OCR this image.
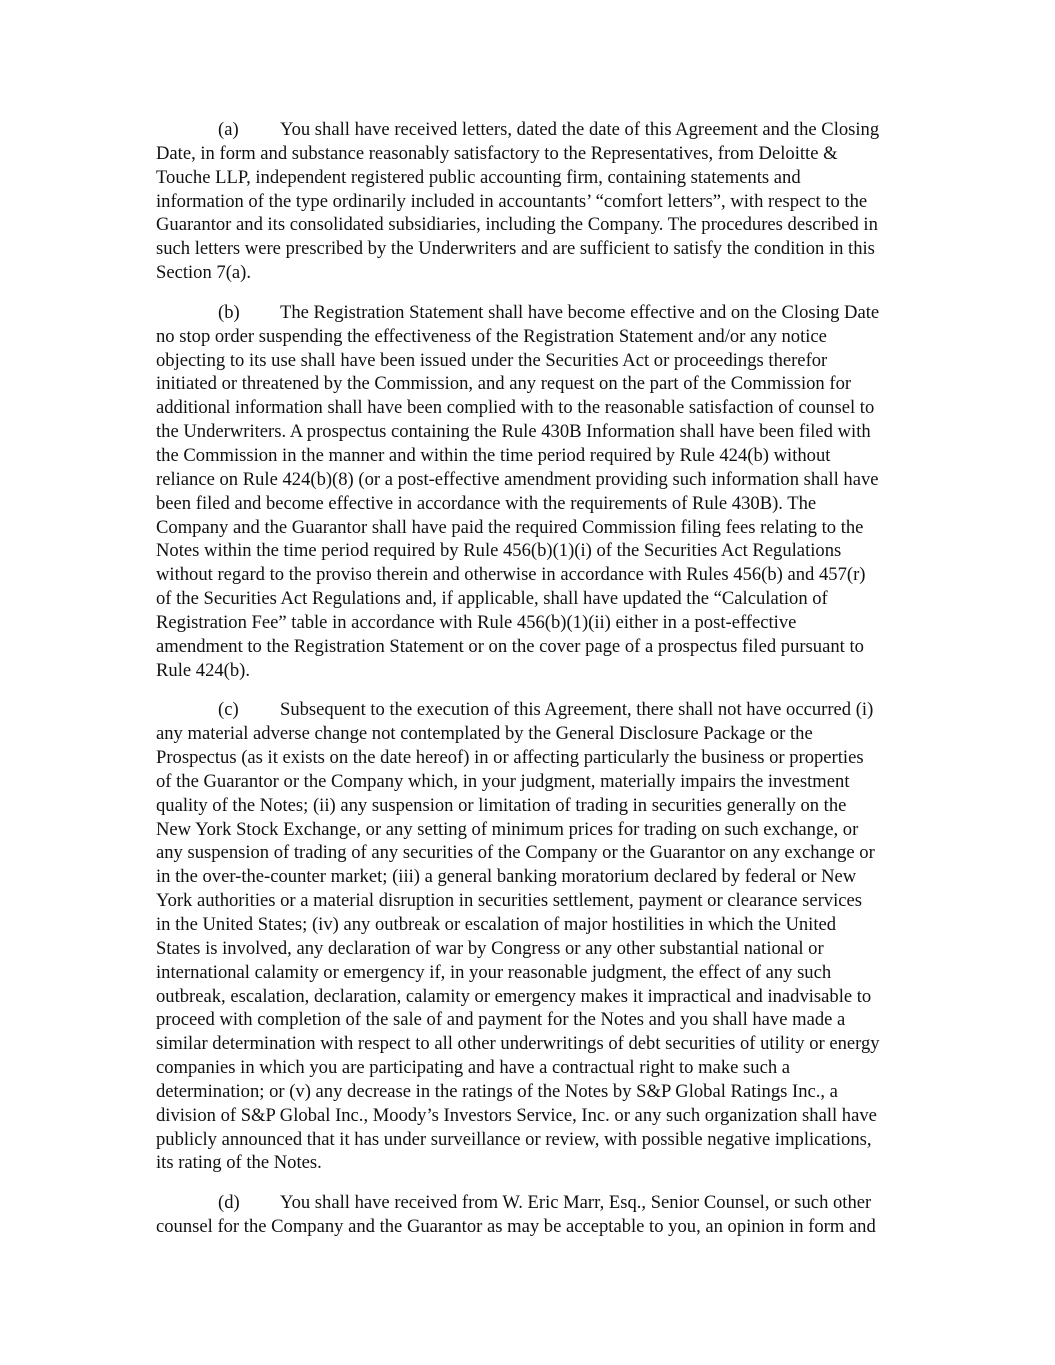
(a) You shall have received letters, dated the date of this Agreement and the Closing
Date, in form and substance reasonably satisfactory to the Representatives, from Deloitte &
Touche LLP, independent registered public accounting firm, containing statements and
information of the type ordinarily included in accountants’ “comfort letters”, with respect to the
Guarantor and its consolidated subsidiaries, including the Company. The procedures described in
such letters were prescribed by the Underwriters and are sufficient to satisfy the condition in this
Section 7(a).
(b) The Registration Statement shall have become effective and on the Closing Date
no stop order suspending the effectiveness of the Registration Statement and/or any notice
objecting to its use shall have been issued under the Securities Act or proceedings therefor
initiated or threatened by the Commission, and any request on the part of the Commission for
additional information shall have been complied with to the reasonable satisfaction of counsel to
the Underwriters. A prospectus containing the Rule 430B Information shall have been filed with
the Commission in the manner and within the time period required by Rule 424(b) without
reliance on Rule 424(b)(8) (or a post-effective amendment providing such information shall have
been filed and become effective in accordance with the requirements of Rule 430B). The
Company and the Guarantor shall have paid the required Commission filing fees relating to the
Notes within the time period required by Rule 456(b)(1)(i) of the Securities Act Regulations
without regard to the proviso therein and otherwise in accordance with Rules 456(b) and 457(r)
of the Securities Act Regulations and, if applicable, shall have updated the “Calculation of
Registration Fee” table in accordance with Rule 456(b)(1)(ii) either in a post-effective
amendment to the Registration Statement or on the cover page of a prospectus filed pursuant to
Rule 424(b).
(c) Subsequent to the execution of this Agreement, there shall not have occurred (i)
any material adverse change not contemplated by the General Disclosure Package or the
Prospectus (as it exists on the date hereof) in or affecting particularly the business or properties
of the Guarantor or the Company which, in your judgment, materially impairs the investment
quality of the Notes; (ii) any suspension or limitation of trading in securities generally on the
New York Stock Exchange, or any setting of minimum prices for trading on such exchange, or
any suspension of trading of any securities of the Company or the Guarantor on any exchange or
in the over-the-counter market; (iii) a general banking moratorium declared by federal or New
York authorities or a material disruption in securities settlement, payment or clearance services
in the United States; (iv) any outbreak or escalation of major hostilities in which the United
States is involved, any declaration of war by Congress or any other substantial national or
international calamity or emergency if, in your reasonable judgment, the effect of any such
outbreak, escalation, declaration, calamity or emergency makes it impractical and inadvisable to
proceed with completion of the sale of and payment for the Notes and you shall have made a
similar determination with respect to all other underwritings of debt securities of utility or energy
companies in which you are participating and have a contractual right to make such a
determination; or (v) any decrease in the ratings of the Notes by S&P Global Ratings Inc., a
division of S&P Global Inc., Moody’s Investors Service, Inc. or any such organization shall have
publicly announced that it has under surveillance or review, with possible negative implications,
its rating of the Notes.
(d) You shall have received from W. Eric Marr, Esq., Senior Counsel, or such other
counsel for the Company and the Guarantor as may be acceptable to you, an opinion in form and
